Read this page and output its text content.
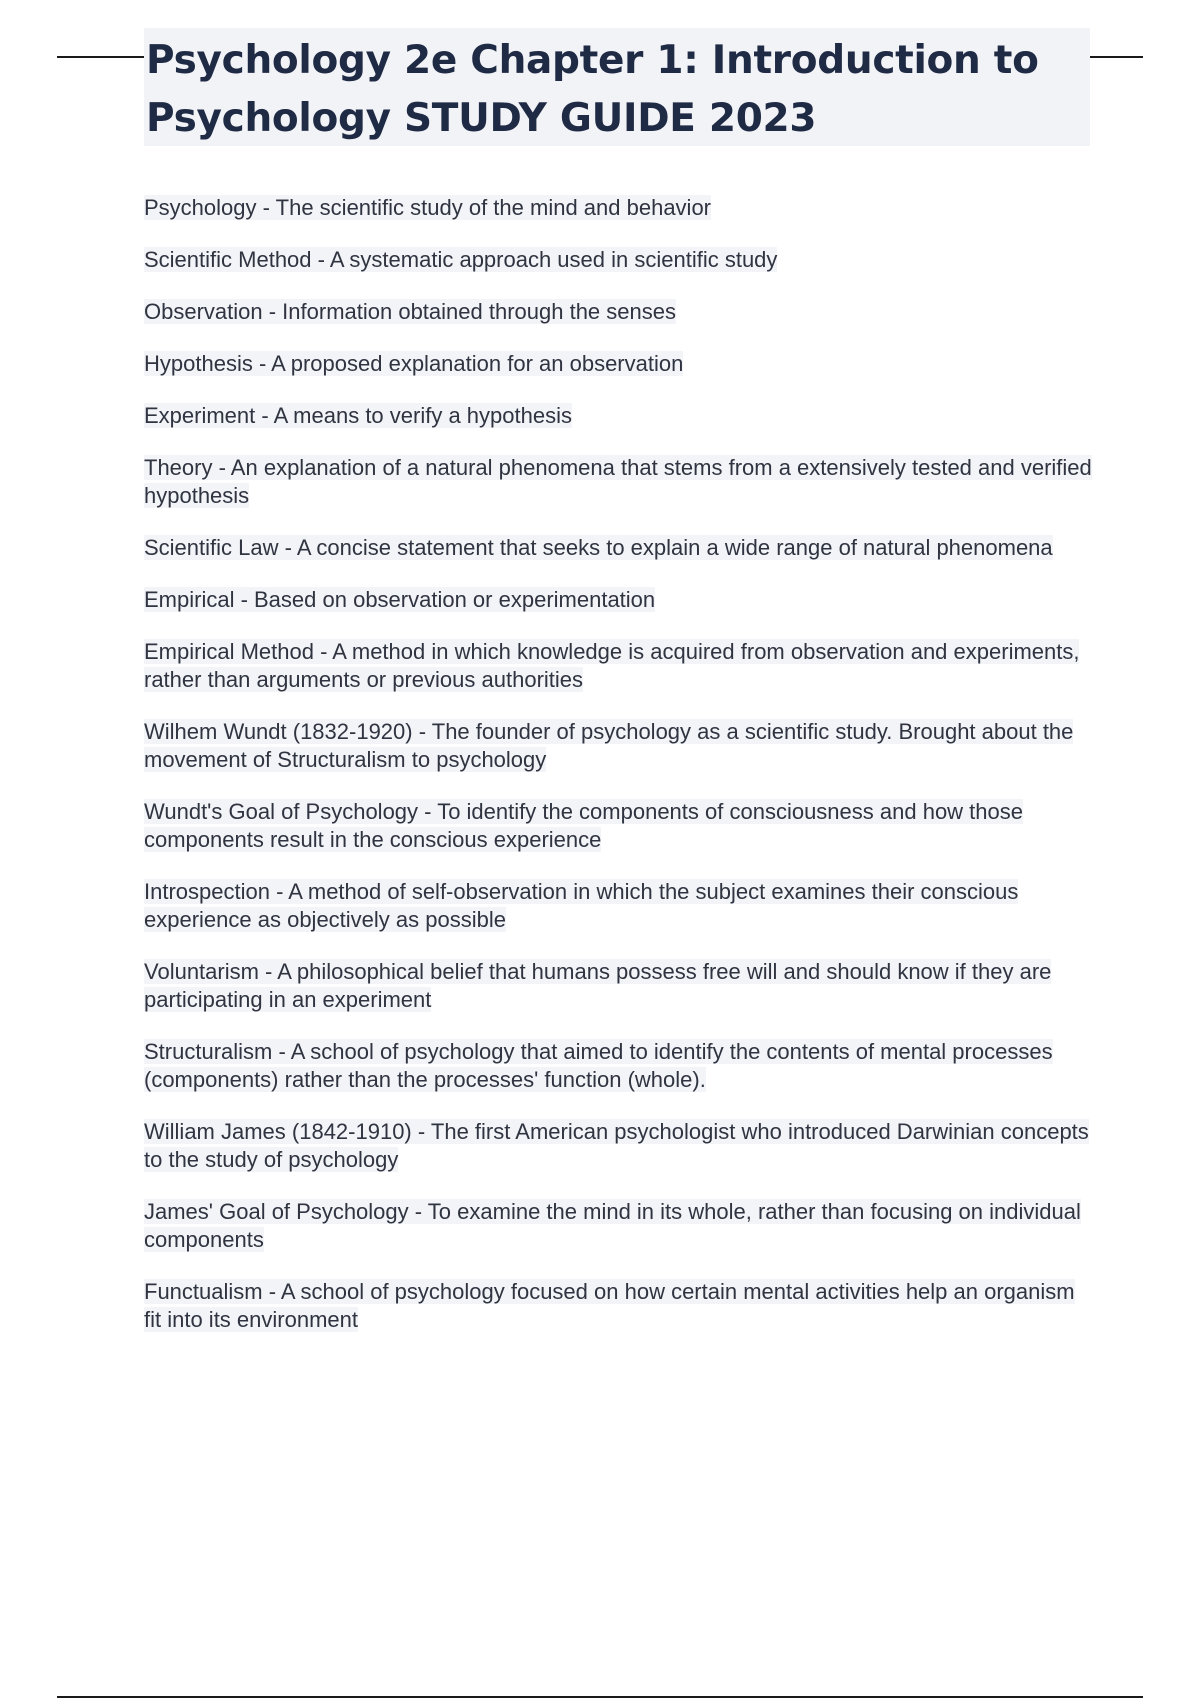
Psychology 2e Chapter 1: Introduction to Psychology STUDY GUIDE 2023

Psychology - The scientific study of the mind and behavior

Scientific Method - A systematic approach used in scientific study

Observation - Information obtained through the senses

Hypothesis - A proposed explanation for an observation

Experiment - A means to verify a hypothesis

Theory - An explanation of a natural phenomena that stems from a extensively tested and verified hypothesis

Scientific Law - A concise statement that seeks to explain a wide range of natural phenomena

Empirical - Based on observation or experimentation

Empirical Method - A method in which knowledge is acquired from observation and experiments, rather than arguments or previous authorities

Wilhem Wundt (1832-1920) - The founder of psychology as a scientific study. Brought about the movement of Structuralism to psychology

Wundt's Goal of Psychology - To identify the components of consciousness and how those components result in the conscious experience

Introspection - A method of self-observation in which the subject examines their conscious experience as objectively as possible

Voluntarism - A philosophical belief that humans possess free will and should know if they are participating in an experiment

Structuralism - A school of psychology that aimed to identify the contents of mental processes (components) rather than the processes' function (whole).

William James (1842-1910) - The first American psychologist who introduced Darwinian concepts to the study of psychology

James' Goal of Psychology - To examine the mind in its whole, rather than focusing on individual components

Functualism - A school of psychology focused on how certain mental activities help an organism fit into its environment
